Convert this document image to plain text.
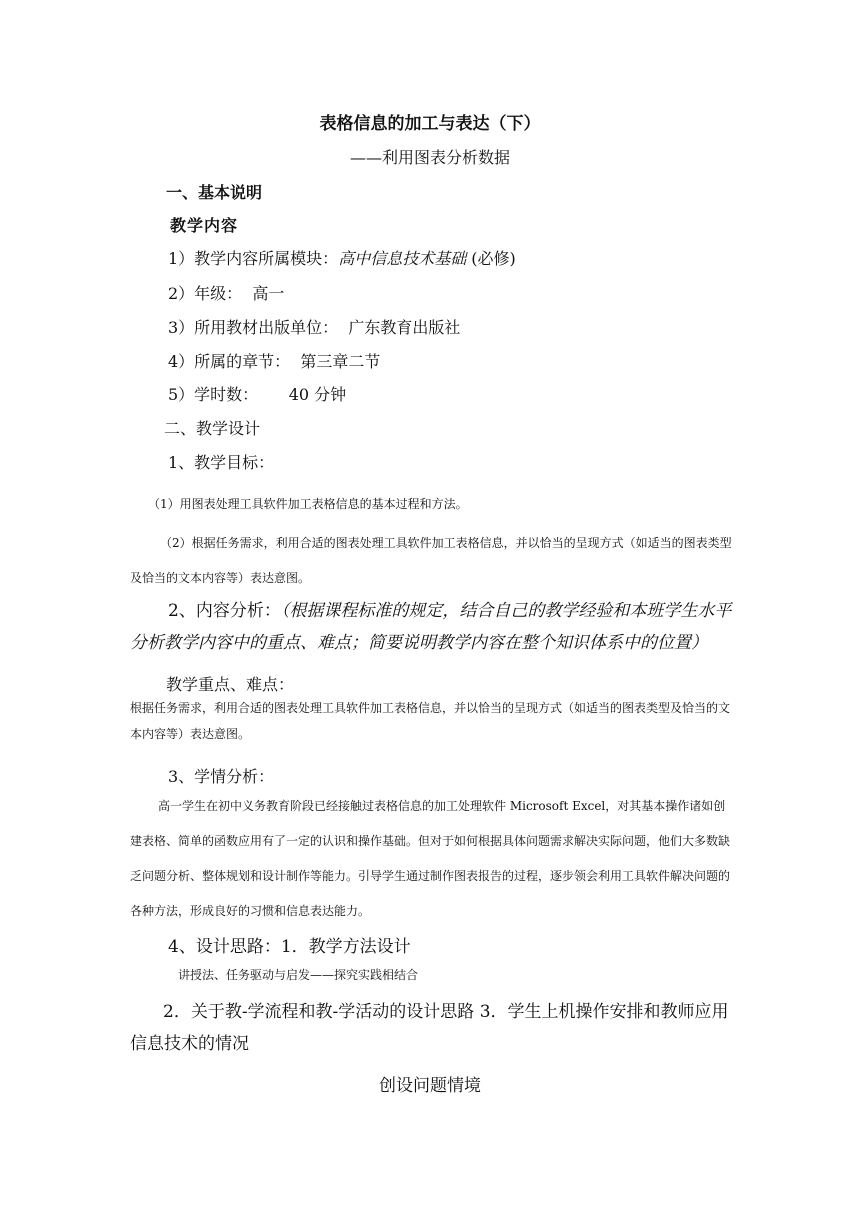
表格信息的加工与表达（下）
——利用图表分析数据
一、基本说明
教学内容
1）教学内容所属模块：高中信息技术基础 (必修)
2）年级： 高一
3）所用教材出版单位： 广东教育出版社
4）所属的章节： 第三章二节
5）学时数： 40 分钟
二、教学设计
1、教学目标：
（1）用图表处理工具软件加工表格信息的基本过程和方法。

（2）根据任务需求，利用合适的图表处理工具软件加工表格信息，并以恰当的呈现方式（如适当的图表类型及恰当的文本内容等）表达意图。

2、内容分析：（根据课程标准的规定，结合自己的教学经验和本班学生水平分析教学内容中的重点、难点；简要说明教学内容在整个知识体系中的位置）

教学重点、难点：

根据任务需求，利用合适的图表处理工具软件加工表格信息，并以恰当的呈现方式（如适当的图表类型及恰当的文本内容等）表达意图。

3、学情分析：

高一学生在初中义务教育阶段已经接触过表格信息的加工处理软件 Microsoft Excel，对其基本操作诸如创建表格、简单的函数应用有了一定的认识和操作基础。但对于如何根据具体问题需求解决实际问题，他们大多数缺乏问题分析、整体规划和设计制作等能力。引导学生通过制作图表报告的过程，逐步领会利用工具软件解决问题的各种方法，形成良好的习惯和信息表达能力。

4、设计思路：1．教学方法设计
讲授法、任务驱动与启发——探究实践相结合

2．关于教-学流程和教-学活动的设计思路 3．学生上机操作安排和教师应用信息技术的情况

创设问题情境
